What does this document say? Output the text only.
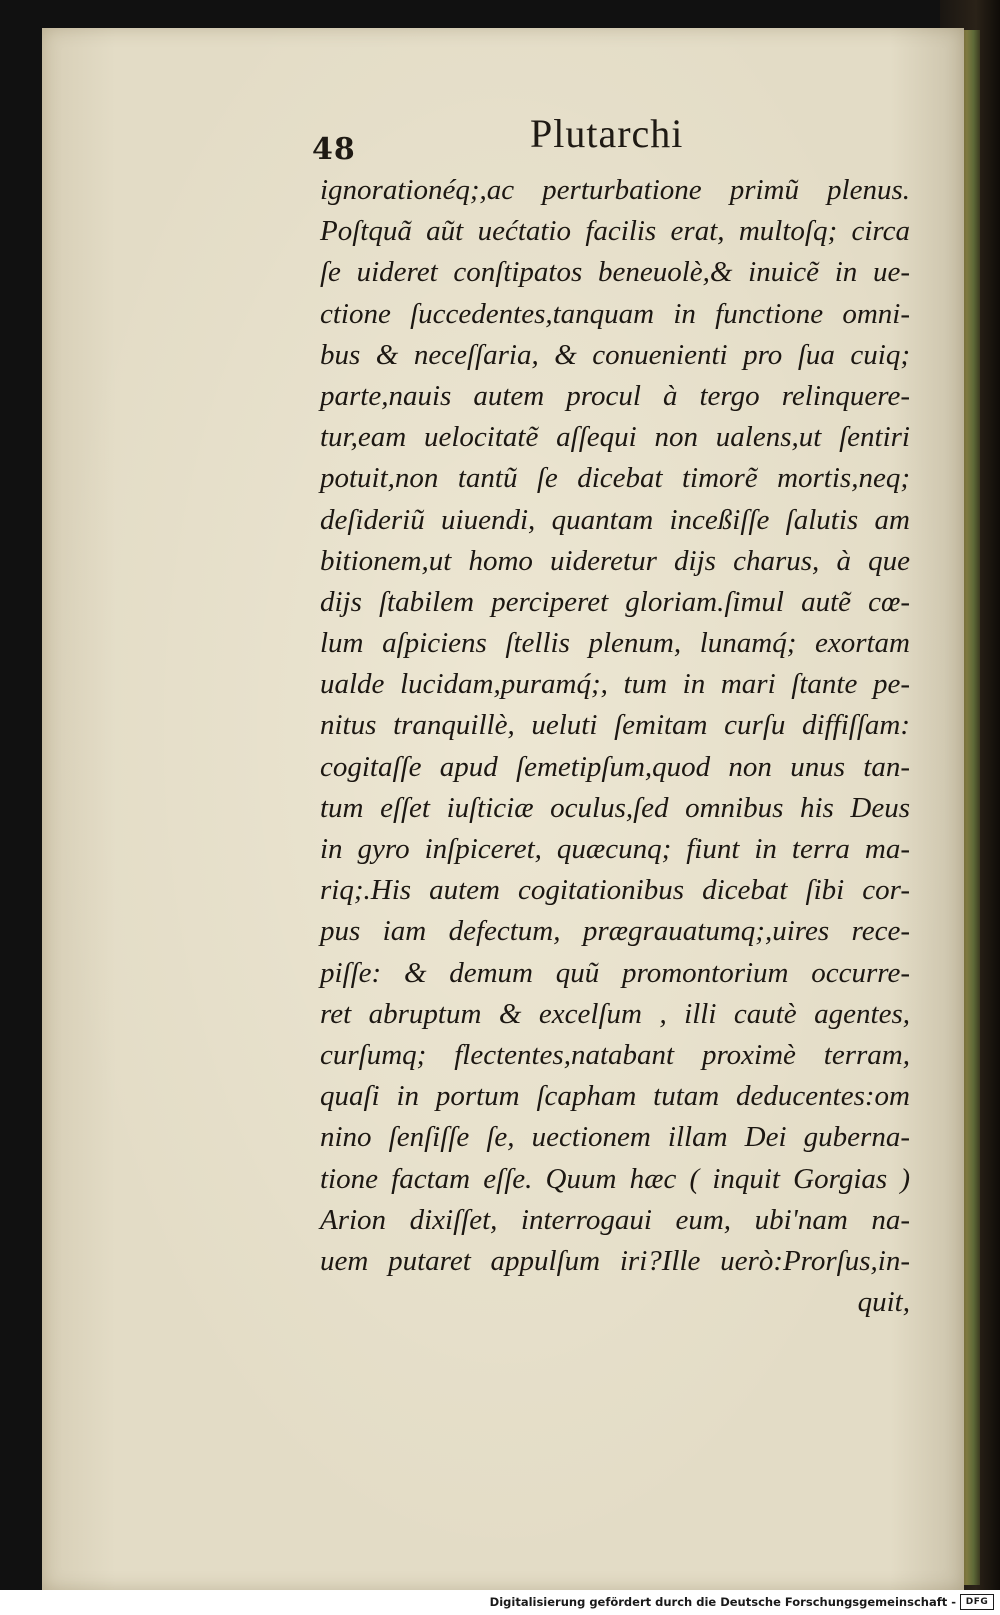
48	Plutarchi
ignorationéq;,ac perturbatione primũ plenus.
Poſtquã aũt uećtatio facilis erat, multoſq; circa
ſe uideret conſtipatos beneuolè,& inuicẽ in ue-
ctione ſuccedentes,tanquam in functione omni-
bus & neceſſaria, & conuenienti pro ſua cuiq;
parte,nauis autem procul à tergo relinquere-
tur,eam uelocitatẽ aſſequi non ualens,ut ſentiri
potuit,non tantũ ſe dicebat timorẽ mortis,neq;
deſideriũ uiuendi, quantam inceßiſſe ſalutis am
bitionem,ut homo uideretur dijs charus, à que
dijs ſtabilem perciperet gloriam.ſimul autẽ cœ-
lum aſpiciens ſtellis plenum, lunamq́; exortam
ualde lucidam,puramq́;, tum in mari ſtante pe-
nitus tranquillè, ueluti ſemitam curſu diffiſſam:
cogitaſſe apud ſemetipſum,quod non unus tan-
tum eſſet iuſticiæ oculus,ſed omnibus his Deus
in gyro inſpiceret, quæcunq; fiunt in terra ma-
riq;.His autem cogitationibus dicebat ſibi cor-
pus iam defectum, prægrauatumq;,uires rece-
piſſe: & demum quũ promontorium occurre-
ret abruptum & excelſum , illi cautè agentes,
curſumq; flectentes,natabant proximè terram,
quaſi in portum ſcapham tutam deducentes:om
nino ſenſiſſe ſe, uectionem illam Dei guberna-
tione factam eſſe. Quum hæc ( inquit Gorgias )
Arion dixiſſet, interrogaui eum, ubi'nam na-
uem putaret appulſum iri?Ille uerò:Prorſus,in-
quit,
Digitalisierung gefördert durch die Deutsche Forschungsgemeinschaft -	DFG
